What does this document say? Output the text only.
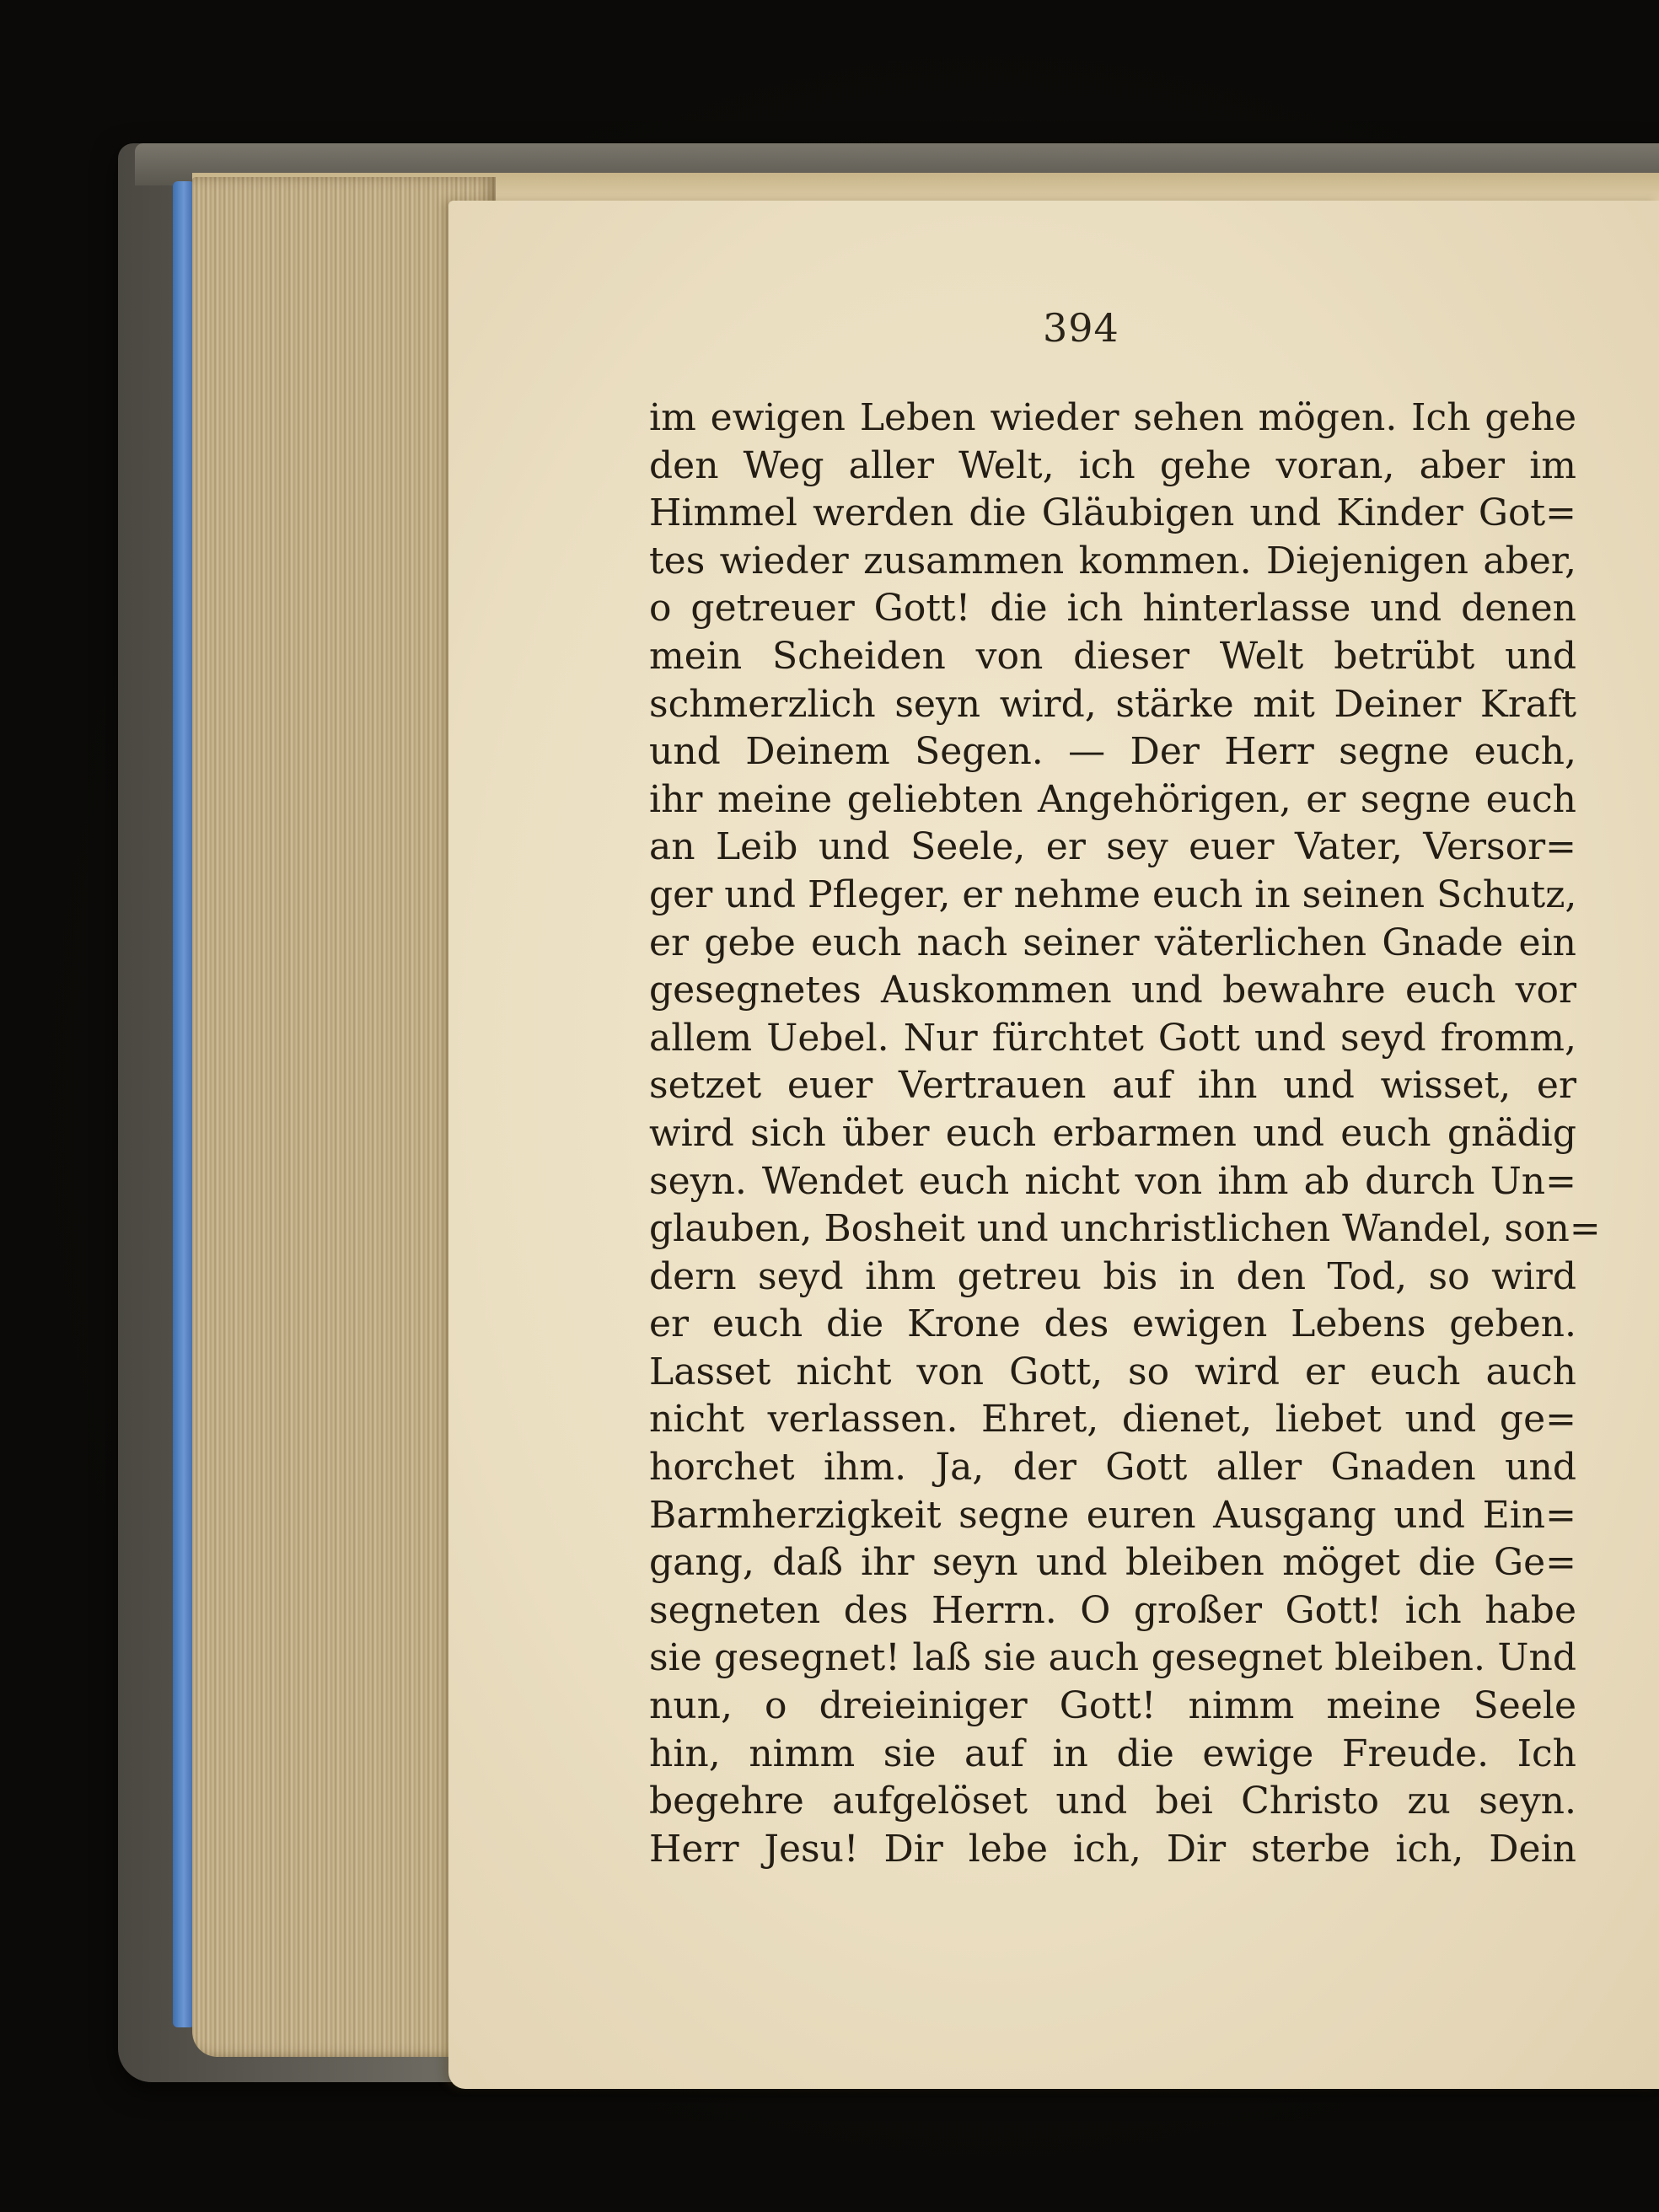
394
im ewigen Leben wieder sehen mögen. Ich gehe
den Weg aller Welt, ich gehe voran, aber im
Himmel werden die Gläubigen und Kinder Got=
tes wieder zusammen kommen. Diejenigen aber,
o getreuer Gott! die ich hinterlasse und denen
mein Scheiden von dieser Welt betrübt und
schmerzlich seyn wird, stärke mit Deiner Kraft
und Deinem Segen. — Der Herr segne euch,
ihr meine geliebten Angehörigen, er segne euch
an Leib und Seele, er sey euer Vater, Versor=
ger und Pfleger, er nehme euch in seinen Schutz,
er gebe euch nach seiner väterlichen Gnade ein
gesegnetes Auskommen und bewahre euch vor
allem Uebel. Nur fürchtet Gott und seyd fromm,
setzet euer Vertrauen auf ihn und wisset, er
wird sich über euch erbarmen und euch gnädig
seyn. Wendet euch nicht von ihm ab durch Un=
glauben, Bosheit und unchristlichen Wandel, son=
dern seyd ihm getreu bis in den Tod, so wird
er euch die Krone des ewigen Lebens geben.
Lasset nicht von Gott, so wird er euch auch
nicht verlassen. Ehret, dienet, liebet und ge=
horchet ihm. Ja, der Gott aller Gnaden und
Barmherzigkeit segne euren Ausgang und Ein=
gang, daß ihr seyn und bleiben möget die Ge=
segneten des Herrn. O großer Gott! ich habe
sie gesegnet! laß sie auch gesegnet bleiben. Und
nun, o dreieiniger Gott! nimm meine Seele
hin, nimm sie auf in die ewige Freude. Ich
begehre aufgelöset und bei Christo zu seyn.
Herr Jesu! Dir lebe ich, Dir sterbe ich, Dein
